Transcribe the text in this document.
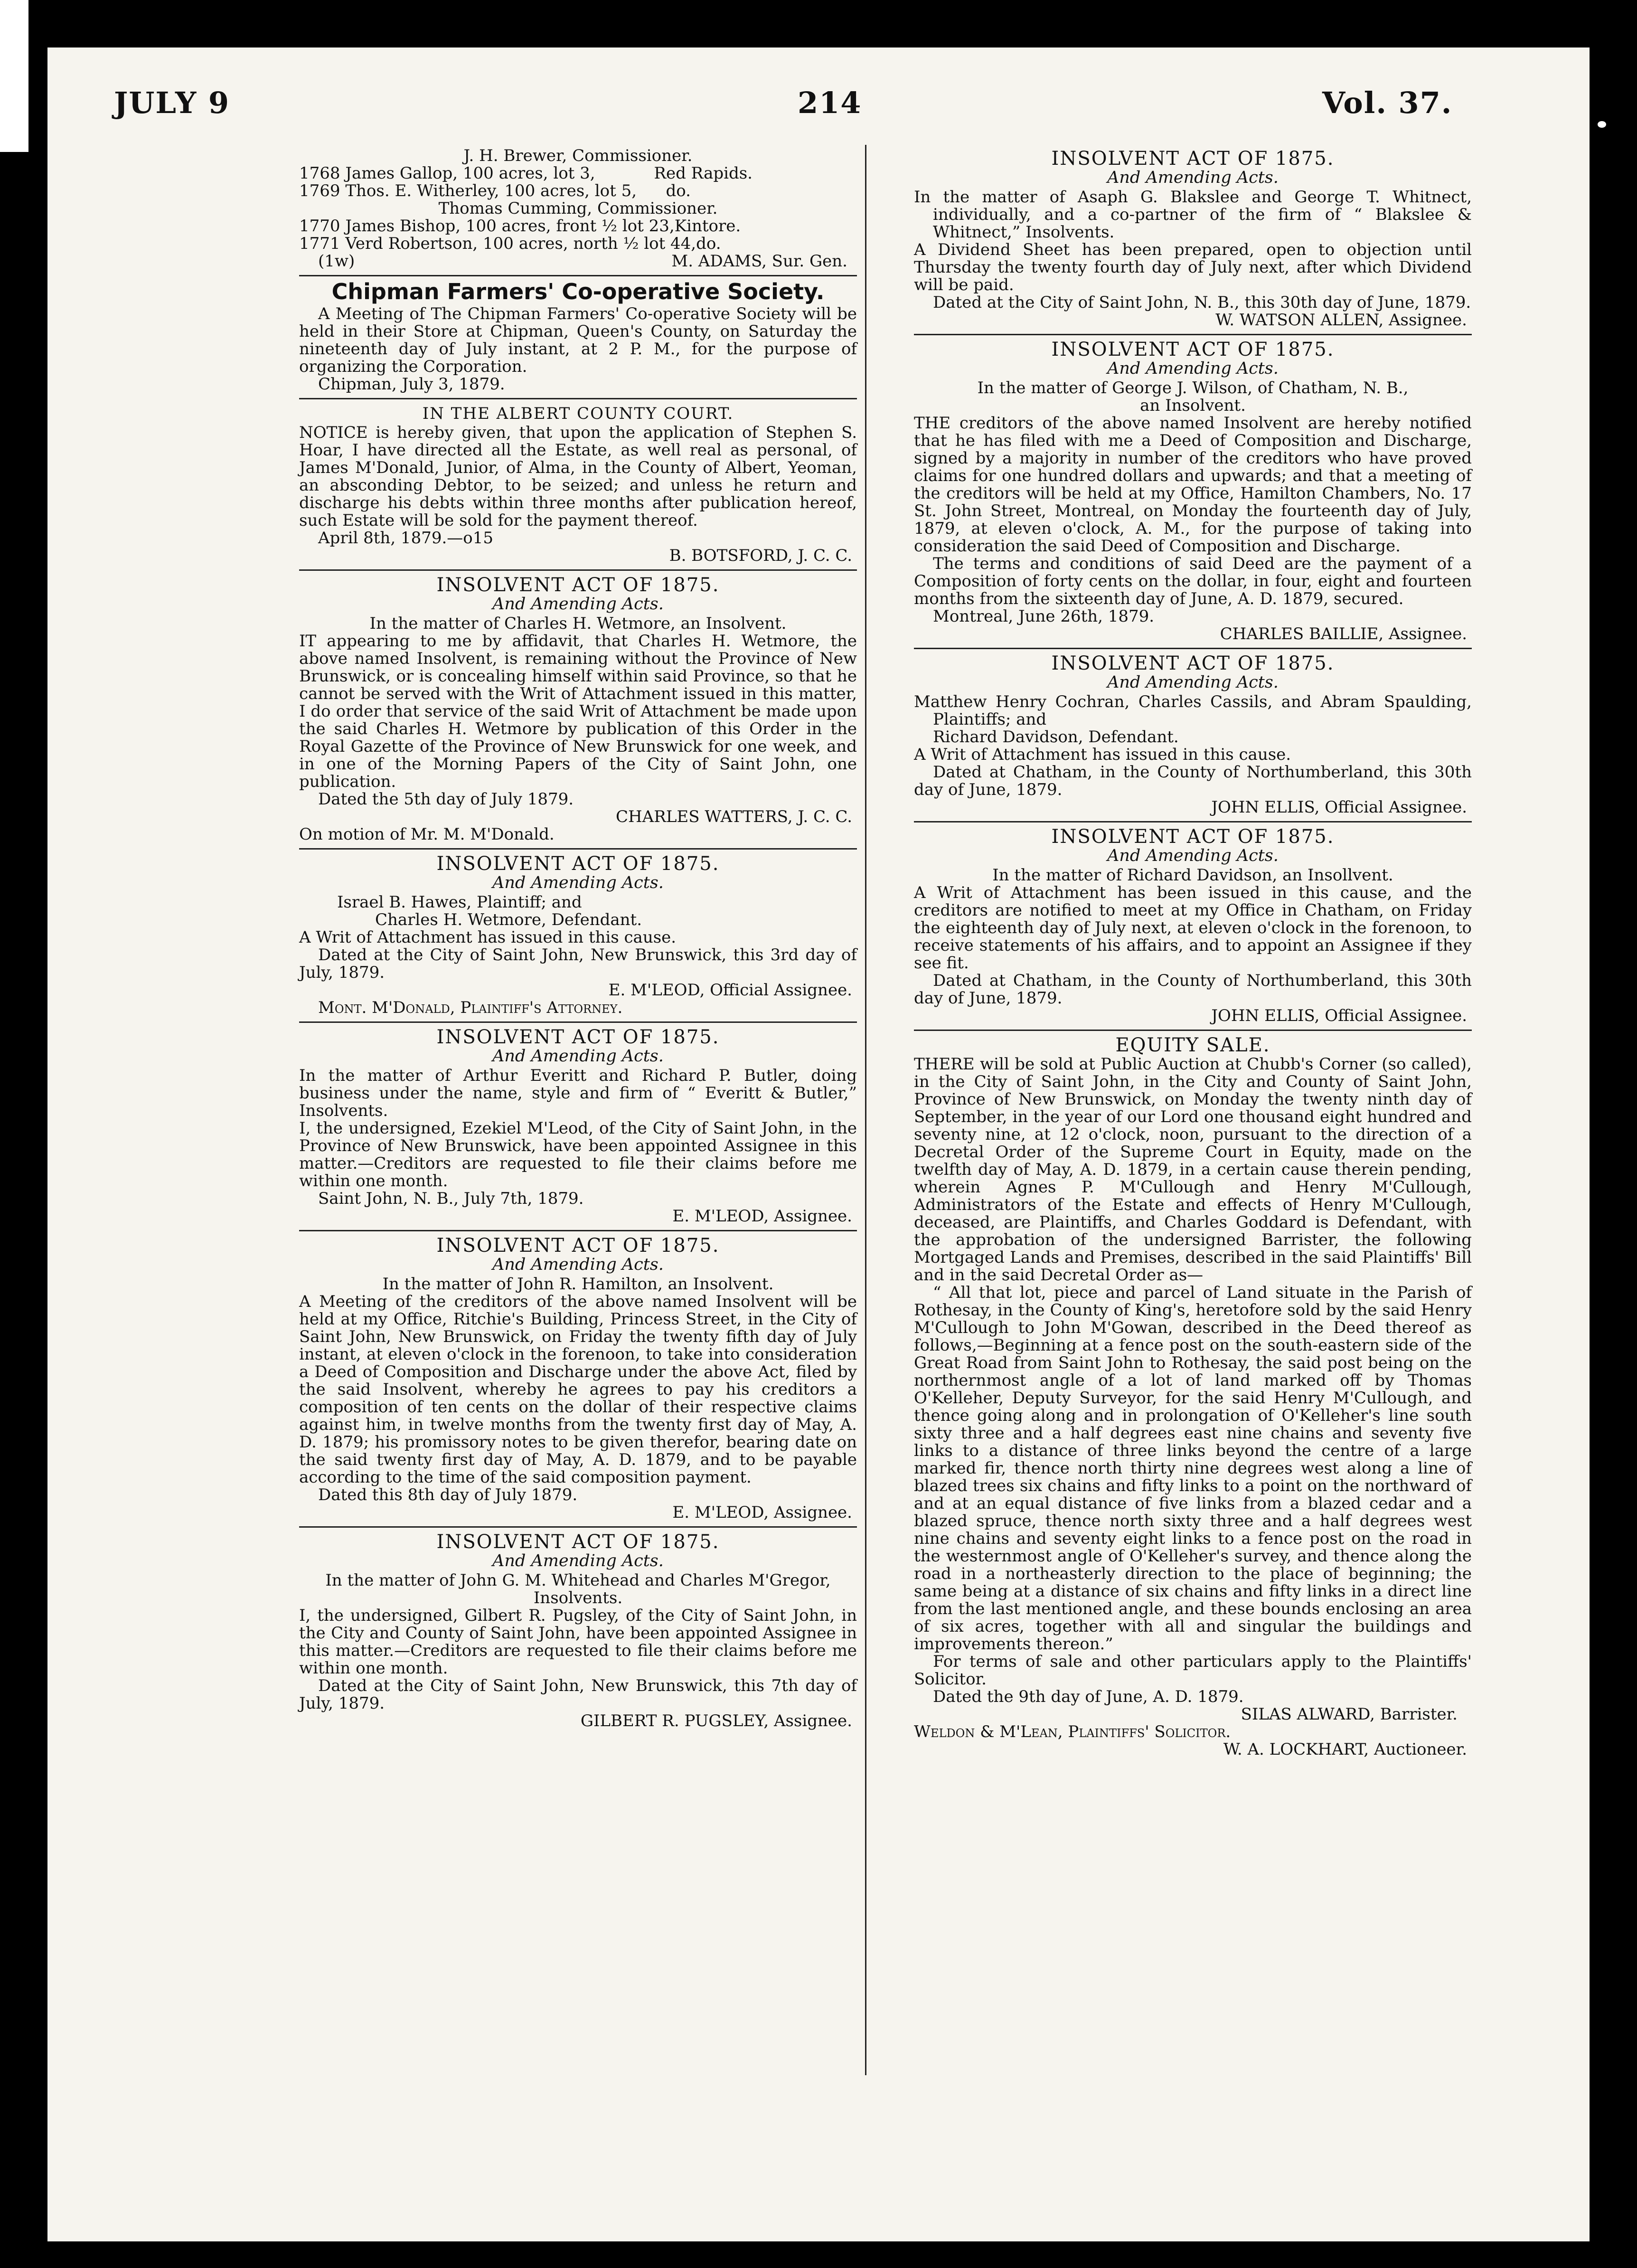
JULY 9	214	Vol. 37.

J. H. Brewer, Commissioner.

1768 James Gallop, 100 acres, lot 3,	Red Rapids.
1769 Thos. E. Witherley, 100 acres, lot 5, do.

Thomas Cumming, Commissioner.

1770 James Bishop, 100 acres, front ½ lot 23, Kintore.
1771 Verd Robertson, 100 acres, north ½ lot 44, do.
(1w)	M. ADAMS, Sur. Gen.
Chipman Farmers' Co-operative Society.

A Meeting of The Chipman Farmers' Co-operative Society will be held in their Store at Chipman, Queen's County, on Saturday the nineteenth day of July instant, at 2 P. M., for the purpose of organizing the Corporation.

Chipman, July 3, 1879.

IN THE ALBERT COUNTY COURT.

NOTICE is hereby given, that upon the application of Stephen S. Hoar, I have directed all the Estate, as well real as personal, of James M'Donald, Junior, of Alma, in the County of Albert, Yeoman, an absconding Debtor, to be seized; and unless he return and discharge his debts within three months after publication hereof, such Estate will be sold for the payment thereof.

April 8th, 1879.—o15

B. BOTSFORD, J. C. C.

INSOLVENT ACT OF 1875.
And Amending Acts.

In the matter of Charles H. Wetmore, an Insolvent.

IT appearing to me by affidavit, that Charles H. Wetmore, the above named Insolvent, is remaining without the Province of New Brunswick, or is concealing himself within said Province, so that he cannot be served with the Writ of Attachment issued in this matter, I do order that service of the said Writ of Attachment be made upon the said Charles H. Wetmore by publication of this Order in the Royal Gazette of the Province of New Brunswick for one week, and in one of the Morning Papers of the City of Saint John, one publication.

Dated the 5th day of July 1879.

CHARLES WATTERS, J. C. C.

On motion of Mr. M. M'Donald.

INSOLVENT ACT OF 1875.
And Amending Acts.

Israel B. Hawes, Plaintiff; and

Charles H. Wetmore, Defendant.

A Writ of Attachment has issued in this cause.

Dated at the City of Saint John, New Brunswick, this 3rd day of July, 1879.

E. M'LEOD, Official Assignee.

Mont. M'Donald, Plaintiff's Attorney.

INSOLVENT ACT OF 1875.
And Amending Acts.

In the matter of Arthur Everitt and Richard P. Butler, doing business under the name, style and firm of “ Everitt & Butler,” Insolvents.

I, the undersigned, Ezekiel M'Leod, of the City of Saint John, in the Province of New Brunswick, have been appointed Assignee in this matter.—Creditors are requested to file their claims before me within one month.

Saint John, N. B., July 7th, 1879.

E. M'LEOD, Assignee.

INSOLVENT ACT OF 1875.
And Amending Acts.

In the matter of John R. Hamilton, an Insolvent.

A Meeting of the creditors of the above named Insolvent will be held at my Office, Ritchie's Building, Princess Street, in the City of Saint John, New Brunswick, on Friday the twenty fifth day of July instant, at eleven o'clock in the forenoon, to take into consideration a Deed of Composition and Discharge under the above Act, filed by the said Insolvent, whereby he agrees to pay his creditors a composition of ten cents on the dollar of their respective claims against him, in twelve months from the twenty first day of May, A. D. 1879; his promissory notes to be given therefor, bearing date on the said twenty first day of May, A. D. 1879, and to be payable according to the time of the said composition payment.

Dated this 8th day of July 1879.

E. M'LEOD, Assignee.

INSOLVENT ACT OF 1875.
And Amending Acts.

In the matter of John G. M. Whitehead and Charles M'Gregor, Insolvents.

I, the undersigned, Gilbert R. Pugsley, of the City of Saint John, in the City and County of Saint John, have been appointed Assignee in this matter.—Creditors are requested to file their claims before me within one month.

Dated at the City of Saint John, New Brunswick, this 7th day of July, 1879.

GILBERT R. PUGSLEY, Assignee.

INSOLVENT ACT OF 1875.
And Amending Acts.

In the matter of Asaph G. Blakslee and George T. Whitnect, individually, and a co-partner of the firm of “ Blakslee & Whitnect,” Insolvents.

A Dividend Sheet has been prepared, open to objection until Thursday the twenty fourth day of July next, after which Dividend will be paid.

Dated at the City of Saint John, N. B., this 30th day of June, 1879.

W. WATSON ALLEN, Assignee.

INSOLVENT ACT OF 1875.
And Amending Acts.

In the matter of George J. Wilson, of Chatham, N. B.,

an Insolvent.

THE creditors of the above named Insolvent are hereby notified that he has filed with me a Deed of Composition and Discharge, signed by a majority in number of the creditors who have proved claims for one hundred dollars and upwards; and that a meeting of the creditors will be held at my Office, Hamilton Chambers, No. 17 St. John Street, Montreal, on Monday the fourteenth day of July, 1879, at eleven o'clock, A. M., for the purpose of taking into consideration the said Deed of Composition and Discharge.

The terms and conditions of said Deed are the payment of a Composition of forty cents on the dollar, in four, eight and fourteen months from the sixteenth day of June, A. D. 1879, secured.

Montreal, June 26th, 1879.

CHARLES BAILLIE, Assignee.

INSOLVENT ACT OF 1875.
And Amending Acts.

Matthew Henry Cochran, Charles Cassils, and Abram Spaulding, Plaintiffs; and

Richard Davidson, Defendant.

A Writ of Attachment has issued in this cause.

Dated at Chatham, in the County of Northumberland, this 30th day of June, 1879.

JOHN ELLIS, Official Assignee.

INSOLVENT ACT OF 1875.
And Amending Acts.

In the matter of Richard Davidson, an Insollvent.

A Writ of Attachment has been issued in this cause, and the creditors are notified to meet at my Office in Chatham, on Friday the eighteenth day of July next, at eleven o'clock in the forenoon, to receive statements of his affairs, and to appoint an Assignee if they see fit.

Dated at Chatham, in the County of Northumberland, this 30th day of June, 1879.

JOHN ELLIS, Official Assignee.

EQUITY SALE.

THERE will be sold at Public Auction at Chubb's Corner (so called), in the City of Saint John, in the City and County of Saint John, Province of New Brunswick, on Monday the twenty ninth day of September, in the year of our Lord one thousand eight hundred and seventy nine, at 12 o'clock, noon, pursuant to the direction of a Decretal Order of the Supreme Court in Equity, made on the twelfth day of May, A. D. 1879, in a certain cause therein pending, wherein Agnes P. M'Cullough and Henry M'Cullough, Administrators of the Estate and effects of Henry M'Cullough, deceased, are Plaintiffs, and Charles Goddard is Defendant, with the approbation of the undersigned Barrister, the following Mortgaged Lands and Premises, described in the said Plaintiffs' Bill and in the said Decretal Order as—

“ All that lot, piece and parcel of Land situate in the Parish of Rothesay, in the County of King's, heretofore sold by the said Henry M'Cullough to John M'Gowan, described in the Deed thereof as follows,—Beginning at a fence post on the south-eastern side of the Great Road from Saint John to Rothesay, the said post being on the northernmost angle of a lot of land marked off by Thomas O'Kelleher, Deputy Surveyor, for the said Henry M'Cullough, and thence going along and in prolongation of O'Kelleher's line south sixty three and a half degrees east nine chains and seventy five links to a distance of three links beyond the centre of a large marked fir, thence north thirty nine degrees west along a line of blazed trees six chains and fifty links to a point on the northward of and at an equal distance of five links from a blazed cedar and a blazed spruce, thence north sixty three and a half degrees west nine chains and seventy eight links to a fence post on the road in the westernmost angle of O'Kelleher's survey, and thence along the road in a northeasterly direction to the place of beginning; the same being at a distance of six chains and fifty links in a direct line from the last mentioned angle, and these bounds enclosing an area of six acres, together with all and singular the buildings and improvements thereon.”

For terms of sale and other particulars apply to the Plaintiffs' Solicitor.

Dated the 9th day of June, A. D. 1879.

SILAS ALWARD, Barrister.

Weldon & M'Lean, Plaintiffs' Solicitor.

W. A. LOCKHART, Auctioneer.
